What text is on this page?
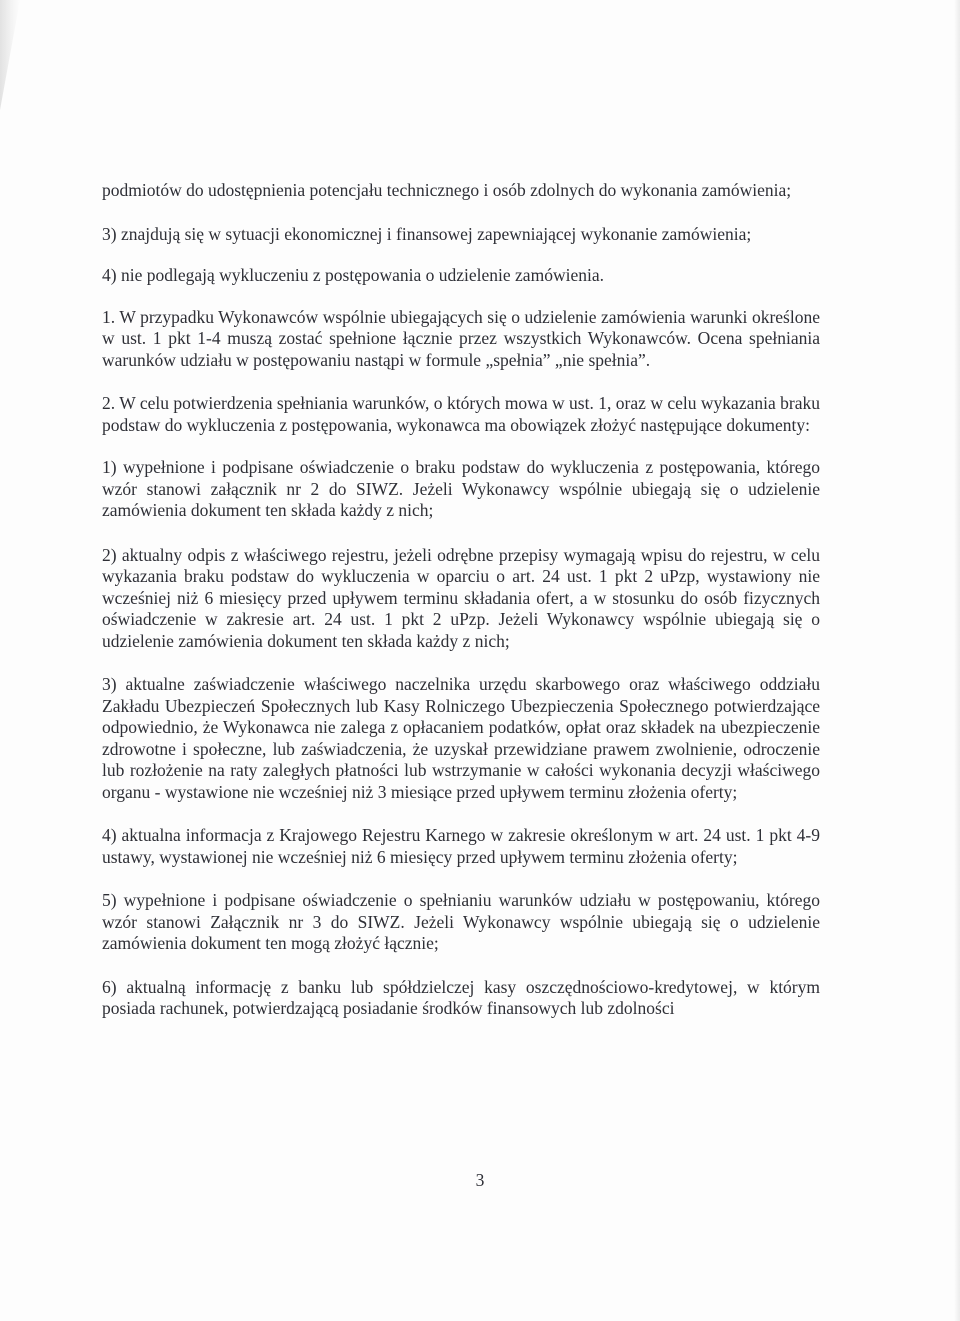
podmiotów do udostępnienia potencjału technicznego i osób zdolnych do wykonania zamówienia;

3) znajdują się w sytuacji ekonomicznej i finansowej zapewniającej wykonanie zamówienia;

4) nie podlegają wykluczeniu z postępowania o udzielenie zamówienia.

1. W przypadku Wykonawców wspólnie ubiegających się o udzielenie zamówienia warunki określone w ust. 1 pkt 1-4 muszą zostać spełnione łącznie przez wszystkich Wykonawców. Ocena spełniania warunków udziału w postępowaniu nastąpi w formule „spełnia” „nie spełnia”.

2. W celu potwierdzenia spełniania warunków, o których mowa w ust. 1, oraz w celu wykazania braku podstaw do wykluczenia z postępowania, wykonawca ma obowiązek złożyć następujące dokumenty:

1) wypełnione i podpisane oświadczenie o braku podstaw do wykluczenia z postępowania, którego wzór stanowi załącznik nr 2 do SIWZ. Jeżeli Wykonawcy wspólnie ubiegają się o udzielenie zamówienia dokument ten składa każdy z nich;

2) aktualny odpis z właściwego rejestru, jeżeli odrębne przepisy wymagają wpisu do rejestru, w celu wykazania braku podstaw do wykluczenia w oparciu o art. 24 ust. 1 pkt 2 uPzp, wystawiony nie wcześniej niż 6 miesięcy przed upływem terminu składania ofert, a w stosunku do osób fizycznych oświadczenie w zakresie art. 24 ust. 1 pkt 2 uPzp. Jeżeli Wykonawcy wspólnie ubiegają się o udzielenie zamówienia dokument ten składa każdy z nich;

3) aktualne zaświadczenie właściwego naczelnika urzędu skarbowego oraz właściwego oddziału Zakładu Ubezpieczeń Społecznych lub Kasy Rolniczego Ubezpieczenia Społecznego potwierdzające odpowiednio, że Wykonawca nie zalega z opłacaniem podatków, opłat oraz składek na ubezpieczenie zdrowotne i społeczne, lub zaświadczenia, że uzyskał przewidziane prawem zwolnienie, odroczenie lub rozłożenie na raty zaległych płatności lub wstrzymanie w całości wykonania decyzji właściwego organu - wystawione nie wcześniej niż 3 miesiące przed upływem terminu złożenia oferty;

4) aktualna informacja z Krajowego Rejestru Karnego w zakresie określonym w art. 24 ust. 1 pkt 4-9 ustawy, wystawionej nie wcześniej niż 6 miesięcy przed upływem terminu złożenia oferty;

5) wypełnione i podpisane oświadczenie o spełnianiu warunków udziału w postępowaniu, którego wzór stanowi Załącznik nr 3 do SIWZ. Jeżeli Wykonawcy wspólnie ubiegają się o udzielenie zamówienia dokument ten mogą złożyć łącznie;

6) aktualną informację z banku lub spółdzielczej kasy oszczędnościowo-kredytowej, w którym posiada rachunek, potwierdzającą posiadanie środków finansowych lub zdolności

3
